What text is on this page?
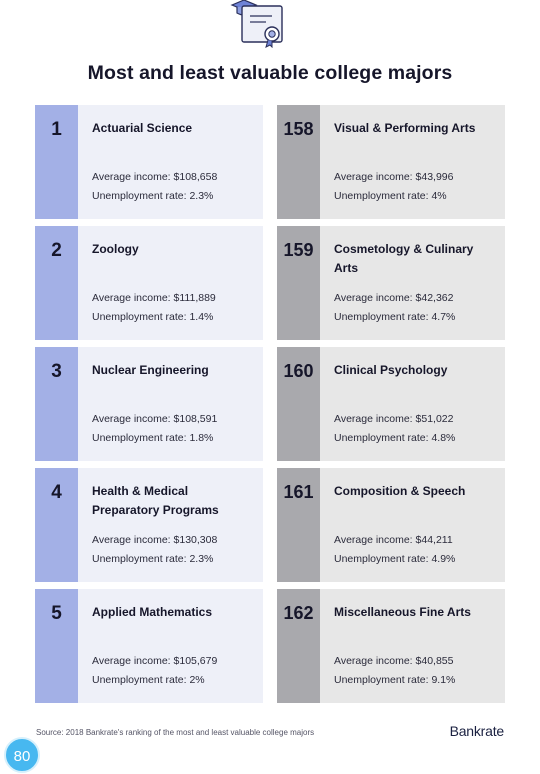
Most and least valuable college majors
1	Actuarial Science
Average income: $108,658
Unemployment rate: 2.3%
2	Zoology
Average income: $111,889
Unemployment rate: 1.4%
3	Nuclear Engineering
Average income: $108,591
Unemployment rate: 1.8%
4	Health & Medical Preparatory Programs
Average income: $130,308
Unemployment rate: 2.3%
5	Applied Mathematics
Average income: $105,679
Unemployment rate: 2%
158	Visual & Performing Arts
Average income: $43,996
Unemployment rate: 4%
159	Cosmetology & Culinary Arts
Average income: $42,362
Unemployment rate: 4.7%
160	Clinical Psychology
Average income: $51,022
Unemployment rate: 4.8%
161	Composition & Speech
Average income: $44,211
Unemployment rate: 4.9%
162	Miscellaneous Fine Arts
Average income: $40,855
Unemployment rate: 9.1%
Source: 2018 Bankrate's ranking of the most and least valuable college majors	Bankrate
80
